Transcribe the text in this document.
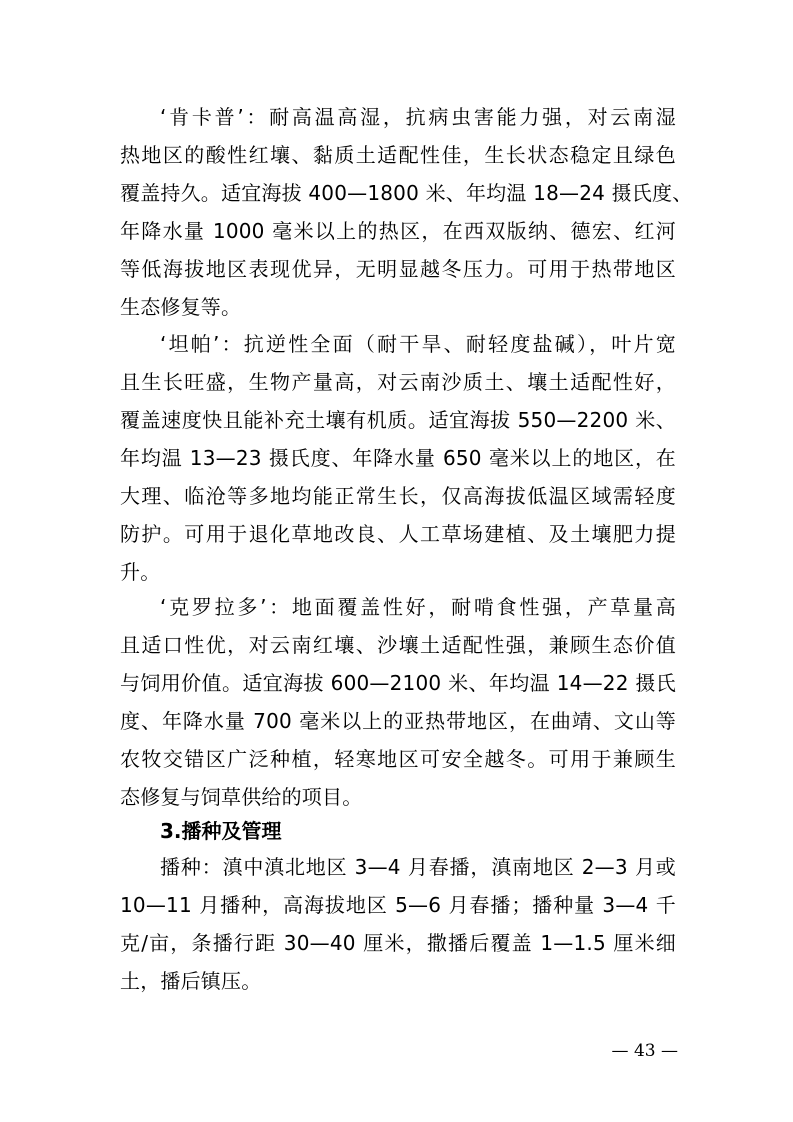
‘肯卡普’：耐高温高湿，抗病虫害能力强，对云南湿

热地区的酸性红壤、黏质土适配性佳，生长状态稳定且绿色

覆盖持久。适宜海拔 400—1800 米、年均温 18—24 摄氏度、

年降水量 1000 毫米以上的热区，在西双版纳、德宏、红河

等低海拔地区表现优异，无明显越冬压力。可用于热带地区

生态修复等。

‘坦帕’：抗逆性全面（耐干旱、耐轻度盐碱），叶片宽

且生长旺盛，生物产量高，对云南沙质土、壤土适配性好，

覆盖速度快且能补充土壤有机质。适宜海拔 550—2200 米、

年均温 13—23 摄氏度、年降水量 650 毫米以上的地区，在

大理、临沧等多地均能正常生长，仅高海拔低温区域需轻度

防护。可用于退化草地改良、人工草场建植、及土壤肥力提

升。

‘克罗拉多’：地面覆盖性好，耐啃食性强，产草量高

且适口性优，对云南红壤、沙壤土适配性强，兼顾生态价值

与饲用价值。适宜海拔 600—2100 米、年均温 14—22 摄氏

度、年降水量 700 毫米以上的亚热带地区，在曲靖、文山等

农牧交错区广泛种植，轻寒地区可安全越冬。可用于兼顾生

态修复与饲草供给的项目。

3.播种及管理

播种：滇中滇北地区 3—4 月春播，滇南地区 2—3 月或

10—11 月播种，高海拔地区 5—6 月春播；播种量 3—4 千

克/亩，条播行距 30—40 厘米，撒播后覆盖 1—1.5 厘米细

土，播后镇压。

— 43 —
